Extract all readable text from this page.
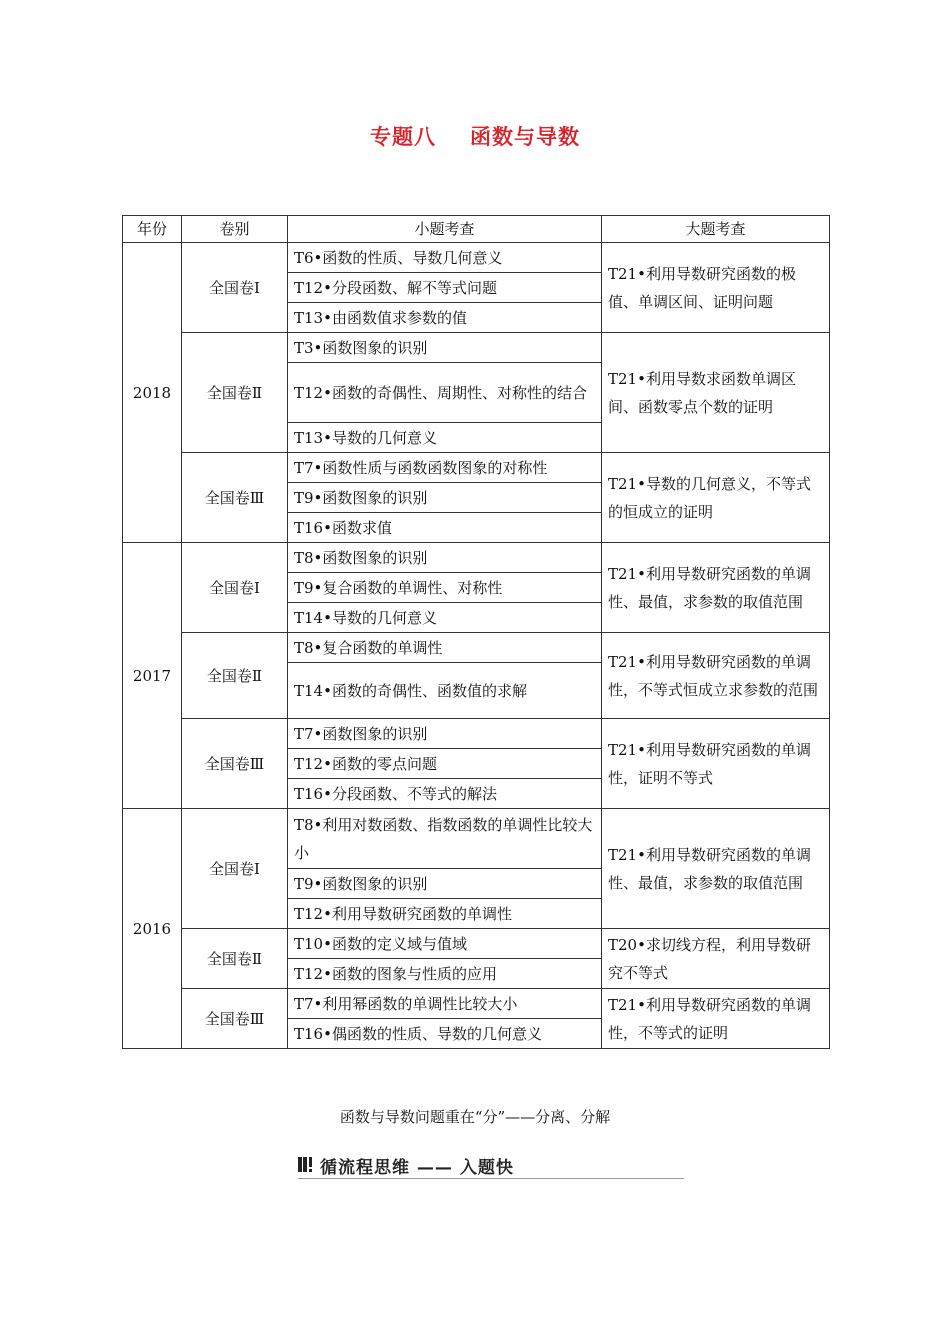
专题八 函数与导数
年份	卷别	小题考查	大题考查
2018	全国卷Ⅰ	T6•函数的性质、导数几何意义	T21•利用导数研究函数的极值、单调区间、证明问题
		T12•分段函数、解不等式问题	
		T13•由函数值求参数的值	
	全国卷Ⅱ	T3•函数图象的识别	T21•利用导数求函数单调区间、函数零点个数的证明
		T12•函数的奇偶性、周期性、对称性的结合	
		T13•导数的几何意义	
	全国卷Ⅲ	T7•函数性质与函数函数图象的对称性	T21•导数的几何意义，不等式的恒成立的证明
		T9•函数图象的识别	
		T16•函数求值	
2017	全国卷Ⅰ	T8•函数图象的识别	T21•利用导数研究函数的单调性、最值，求参数的取值范围
		T9•复合函数的单调性、对称性	
		T14•导数的几何意义	
	全国卷Ⅱ	T8•复合函数的单调性	T21•利用导数研究函数的单调性，不等式恒成立求参数的范围
		T14•函数的奇偶性、函数值的求解	
	全国卷Ⅲ	T7•函数图象的识别	T21•利用导数研究函数的单调性，证明不等式
		T12•函数的零点问题	
		T16•分段函数、不等式的解法	
2016	全国卷Ⅰ	T8•利用对数函数、指数函数的单调性比较大小	T21•利用导数研究函数的单调性、最值，求参数的取值范围
		T9•函数图象的识别	
		T12•利用导数研究函数的单调性	
	全国卷Ⅱ	T10•函数的定义域与值域	T20•求切线方程，利用导数研究不等式
		T12•函数的图象与性质的应用	
	全国卷Ⅲ	T7•利用幂函数的单调性比较大小	T21•利用导数研究函数的单调性，不等式的证明
		T16•偶函数的性质、导数的几何意义	
函数与导数问题重在“分”——分离、分解
循流程思维 —— 入题快
